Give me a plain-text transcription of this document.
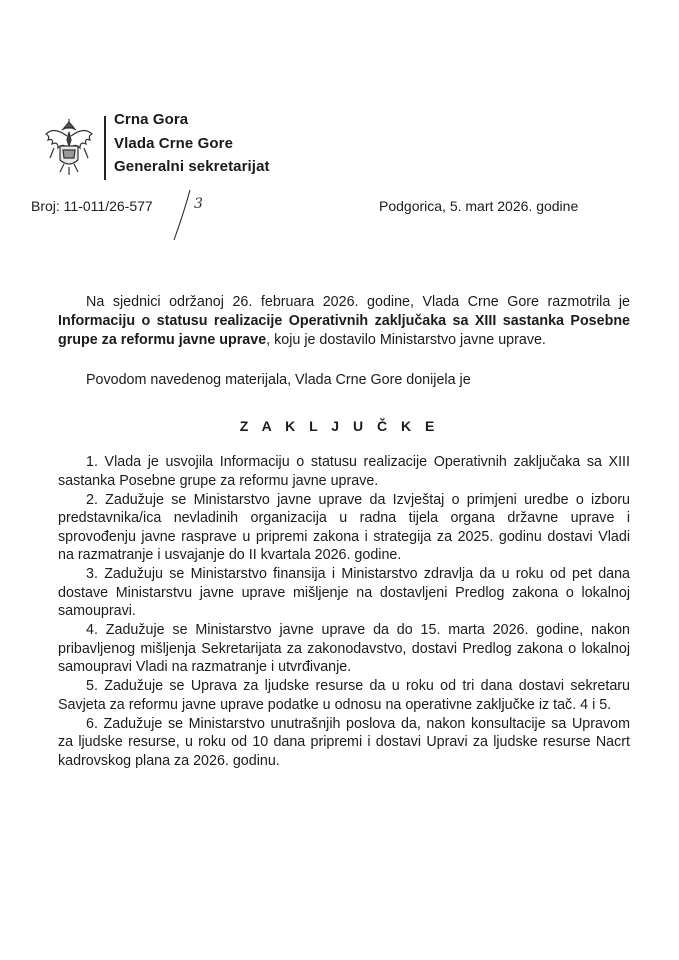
Crna Gora
Vlada Crne Gore
Generalni sekretarijat
Broj: 11-011/26-577	3	Podgorica, 5. mart 2026. godine

Na sjednici održanoj 26. februara 2026. godine, Vlada Crne Gore razmotrila je Informaciju o statusu realizacije Operativnih zaključaka sa XIII sastanka Posebne grupe za reformu javne uprave, koju je dostavilo Ministarstvo javne uprave.

Povodom navedenog materijala, Vlada Crne Gore donijela je
Z A K L J U Č K E

1. Vlada je usvojila Informaciju o statusu realizacije Operativnih zaključaka sa XIII sastanka Posebne grupe za reformu javne uprave.

2. Zadužuje se Ministarstvo javne uprave da Izvještaj o primjeni uredbe o izboru predstavnika/ica nevladinih organizacija u radna tijela organa državne uprave i sprovođenju javne rasprave u pripremi zakona i strategija za 2025. godinu dostavi Vladi na razmatranje i usvajanje do II kvartala 2026. godine.

3. Zadužuju se Ministarstvo finansija i Ministarstvo zdravlja da u roku od pet dana dostave Ministarstvu javne uprave mišljenje na dostavljeni Predlog zakona o lokalnoj samoupravi.

4. Zadužuje se Ministarstvo javne uprave da do 15. marta 2026. godine, nakon pribavljenog mišljenja Sekretarijata za zakonodavstvo, dostavi Predlog zakona o lokalnoj samoupravi Vladi na razmatranje i utvrđivanje.

5. Zadužuje se Uprava za ljudske resurse da u roku od tri dana dostavi sekretaru Savjeta za reformu javne uprave podatke u odnosu na operativne zaključke iz tač. 4 i 5.

6. Zadužuje se Ministarstvo unutrašnjih poslova da, nakon konsultacije sa Upravom za ljudske resurse, u roku od 10 dana pripremi i dostavi Upravi za ljudske resurse Nacrt kadrovskog plana za 2026. godinu.
